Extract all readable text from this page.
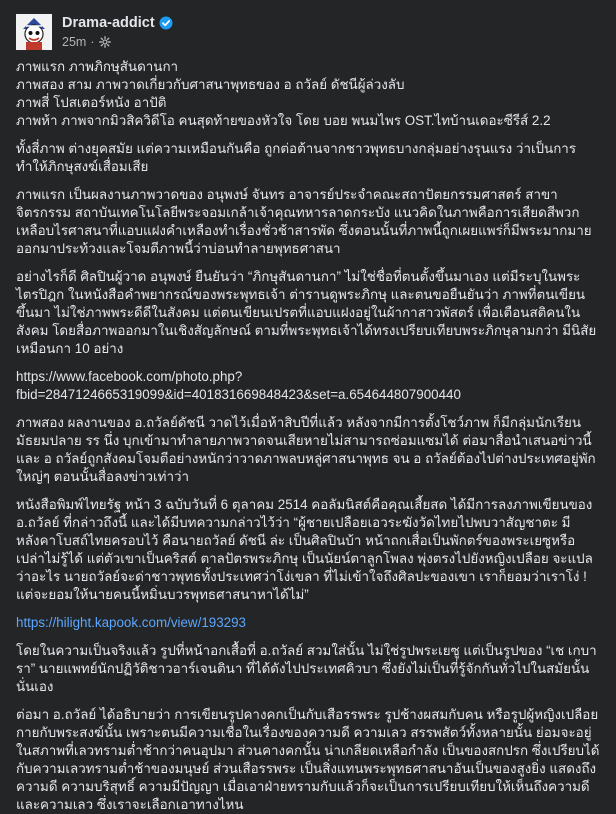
Drama-addict
25m ·
ภาพแรก ภาพภิกษุสันดานกา
ภาพสอง สาม ภาพวาดเกี่ยวกับศาสนาพุทธของ อ ถวัลย์ ดัชนีผู้ล่วงลับ
ภาพสี่ โปสเตอร์หนัง อาปัติ
ภาพห้า ภาพจากมิวสิควิดีโอ คนสุดท้ายของหัวใจ โดย บอย พนมไพร OST.ไทบ้านเดอะซีรีส์ 2.2
ทั้งสี่ภาพ ต่างยุคสมัย แต่ความเหมือนกันคือ ถูกต่อต้านจากชาวพุทธบางกลุ่มอย่างรุนแรง ว่าเป็นการทำให้ภิกษุสงฆ์เสื่อมเสีย
ภาพแรก เป็นผลงานภาพวาดของ อนุพงษ์ จันทร อาจารย์ประจำคณะสถาปัตยกรรมศาสตร์ สาขาจิตรกรรม สถาบันเทคโนโลยีพระจอมเกล้าเจ้าคุณทหารลาดกระบัง แนวคิดในภาพคือการเสียดสีพวกเหลือบไรศาสนาที่แอบแฝงคำเหลืองทำเรื่องชั่วช้าสารพัด ซึ่งตอนนั้นที่ภาพนี้ถูกเผยแพร่ก็มีพระมากมายออกมาประท้วงและโจมตีภาพนี้ว่าบ่อนทำลายพุทธศาสนา
อย่างไรก็ดี ศิลปินผู้วาด อนุพงษ์ ยืนยันว่า “ภิกษุสันดานกา” ไม่ใช่ชื่อที่ตนตั้งขึ้นมาเอง แต่มีระบุในพระไตรปิฎก ในหนังสือคำพยากรณ์ของพระพุทธเจ้า ต่ารานดูพระภิกษุ และตนขอยืนยันว่า ภาพที่ตนเขียนขึ้นมา ไม่ใช่ภาพพระดีดีในสังคม แต่ตนเขียนเปรตที่แอบแฝงอยู่ในผ้ากาสาวพัสตร์ เพื่อเตือนสติคนในสังคม โดยสื่อภาพออกมาในเชิงสัญลักษณ์ ตามที่พระพุทธเจ้าได้ทรงเปรียบเทียบพระภิกษุลามกว่า มีนิสัยเหมือนกา 10 อย่าง
https://www.facebook.com/photo.php?
fbid=2847124665319099&id=401831669848423&set=a.654644807900440
ภาพสอง ผลงานของ อ.ถวัลย์ดัชนี วาดไว้เมื่อห้าสิบปีที่แล้ว หลังจากมีการตั้งโชว์ภาพ ก็มีกลุ่มนักเรียนมัธยมปลาย รร นึ่ง บุกเข้ามาทำลายภาพวาดจนเสียหายไม่สามารถซ่อมแซมได้ ต่อมาสื่อนำเสนอข่าวนี้ และ อ ถวัลย์ถูกสังคมโจมตีอย่างหนักว่าวาดภาพลบหลู่ศาสนาพุทธ จน อ ถวัลย์ต้องไปต่างประเทศอยู่พักใหญ่ๆ ตอนนั้นสื่อลงข่าวเท่าว่า
หนังสือพิมพ์ไทยรัฐ หน้า 3 ฉบับวันที่ 6 ตุลาคม 2514 คอลัมนิสต์คือคุณเสี้ยสด ได้มีการลงภาพเขียนของ อ.ถวัลย์ ที่กล่าวถึงนี้ และได้มีบทความกล่าวไว้ว่า “ผู้ชายเปลือยเอวระฆังวัดไทยไปพบวาสัญชาตะ มีหลังคาโบสถ์ไทยครอบไว้ คือนายถวัลย์ ดัชนี ล่ะ เป็นศิลปินบ้า หน้าถกเสื่อเป็นพักตร์ของพระเยซูหรือเปล่าไม่รู้ได้ แต่ตัวเขาเป็นคริสต์ ตาลปัตรพระภิกษุ เป็นนัยน์ตาลูกโพลง พุ่งตรงไปยังหญิงเปลือย จะแปลว่าอะไร นายถวัลย์จะด่าชาวพุทธทั้งประเทศว่าโง่เขลา ที่ไม่เข้าใจถึงศิลปะของเขา เราก็ยอมว่าเราโง่ ! แต่จะยอมให้นายคนนี้หมิ่นบวรพุทธศาสนาหาได้ไม่”
https://hilight.kapook.com/view/193293
โดยในความเป็นจริงแล้ว รูปที่หน้าอกเสื้อที่ อ.ถวัลย์ สวมใส่นั้น ไม่ใช่รูปพระเยซู แต่เป็นรูปของ “เช เกบารา” นายแพทย์นักปฏิวัติชาวอาร์เจนตินา ที่ได้ดังไปประเทศคิวบา ซึ่งยังไม่เป็นที่รู้จักกันทั่วไปในสมัยนั้นนั่นเอง
ต่อมา อ.ถวัลย์ ได้อธิบายว่า การเขียนรูปคางคกเป็นกับเสือรรพระ รูปช้างผสมกับคน หรือรูปผู้หญิงเปลือยกายกับพระสงฆ์นั้น เพราะตนมีความเชื่อในเรื่องของความดี ความเลว สรรพสัตว์ทั้งหลายนั้น ย่อมจะอยู่ในสภาพที่เลวทรามต่ำช้ากว่าคนอุปมา ส่วนคางคกนั้น น่าเกลียดเหลือกำลัง เป็นของสกปรก ซึ่งเปรียบได้กับความเลวทรามต่ำช้าของมนุษย์ ส่วนเสือรรพระ เป็นสิ่งแทนพระพุทธศาสนาอันเป็นของสูงยิ่ง แสดงถึงความดี ความบริสุทธิ์ ความมีปัญญา เมื่อเอาฝ่ายทรามกับแล้วก็จะเป็นการเปรียบเทียบให้เห็นถึงความดี และความเลว ซึ่งเราจะเลือกเอาทางไหน
